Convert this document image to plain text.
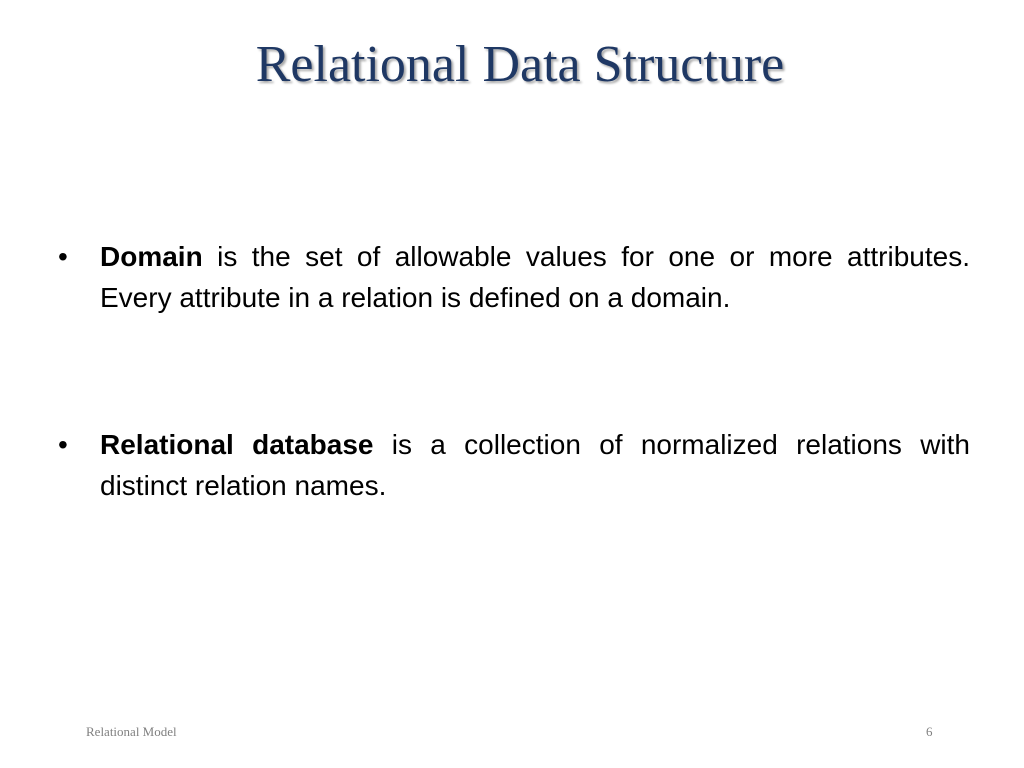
Relational Data Structure
•	Domain is the set of allowable values for one or more attributes. Every attribute in a relation is defined on a domain.
•	Relational database is a collection of normalized relations with distinct relation names.
Relational Model	6
